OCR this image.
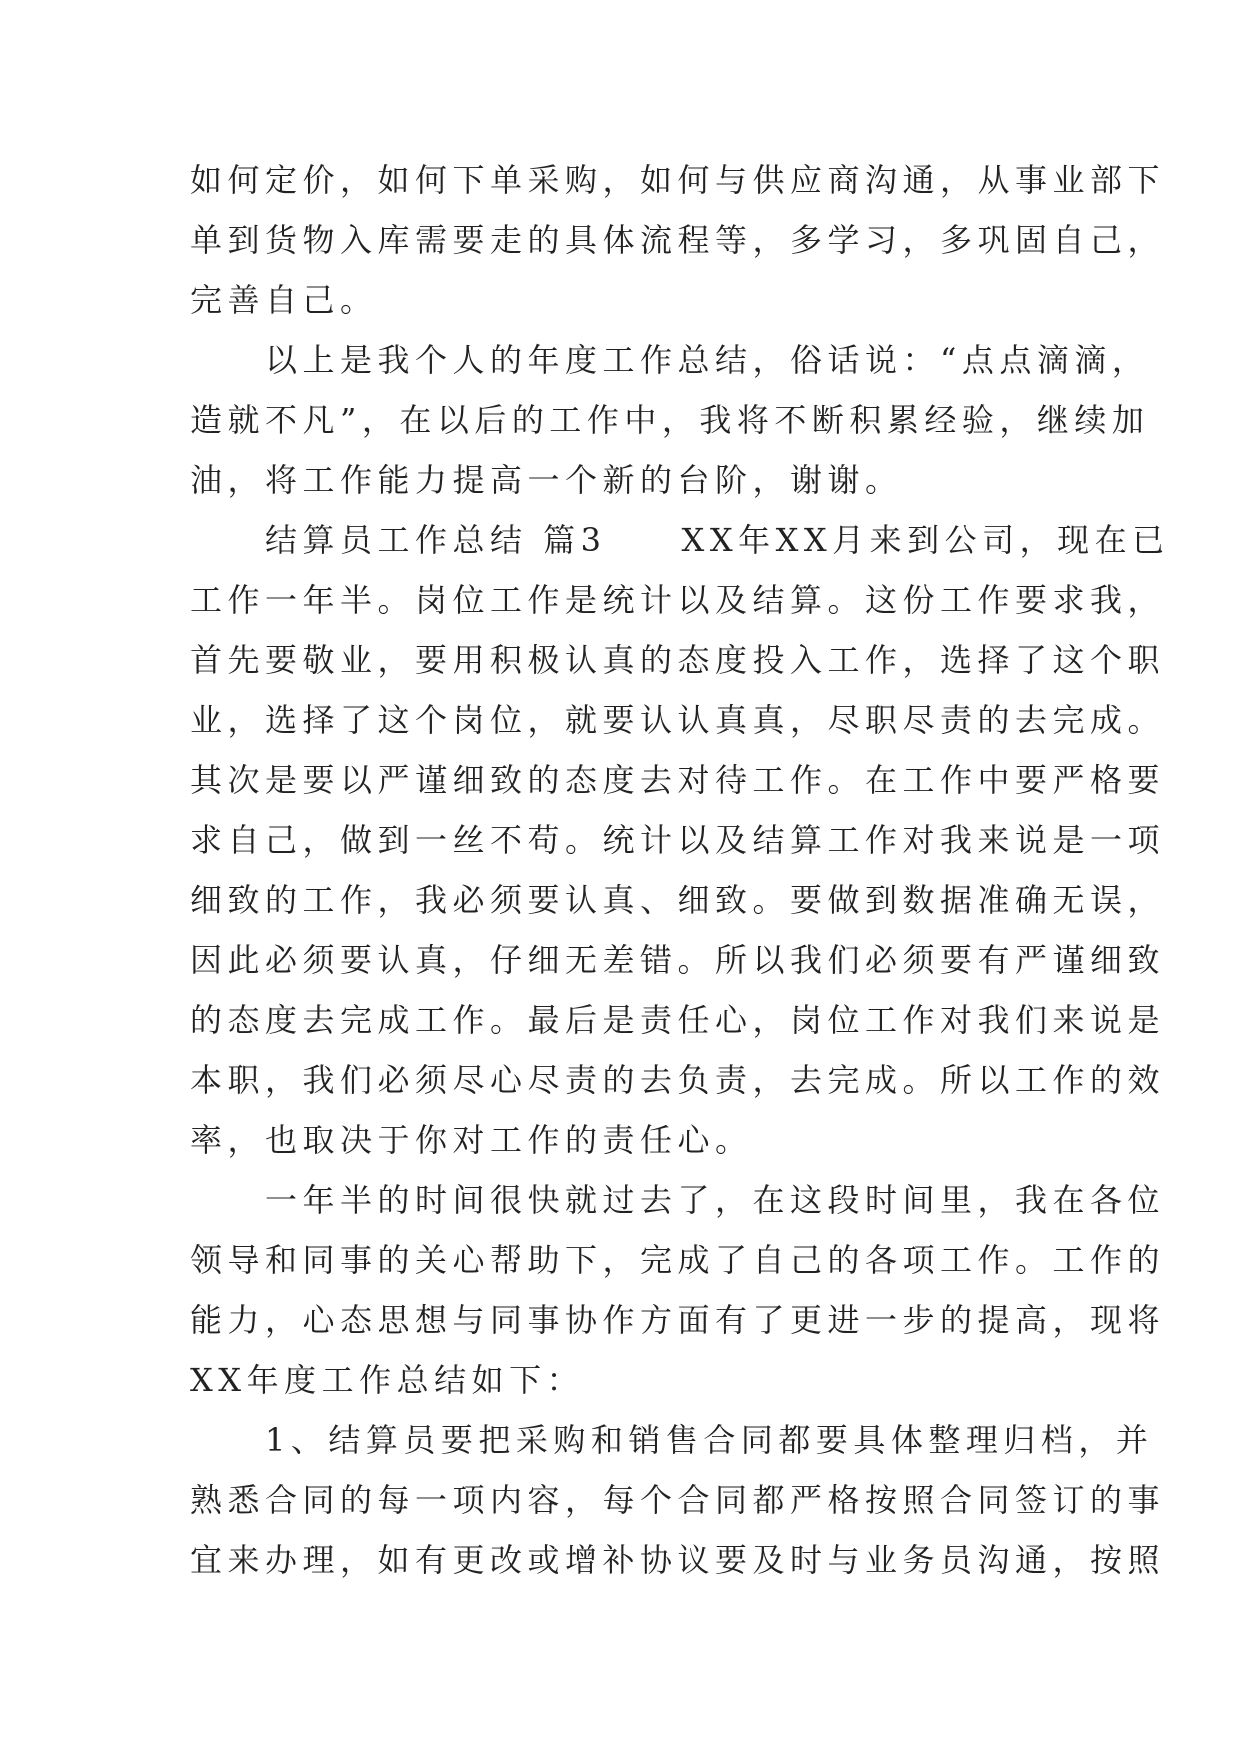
如何定价，如何下单采购，如何与供应商沟通，从事业部下
单到货物入库需要走的具体流程等，多学习，多巩固自己，
完善自己。
　　以上是我个人的年度工作总结，俗话说：“点点滴滴，
造就不凡”，在以后的工作中，我将不断积累经验，继续加
油，将工作能力提高一个新的台阶，谢谢。
　　结算员工作总结 篇3　　XX年XX月来到公司，现在已
工作一年半。岗位工作是统计以及结算。这份工作要求我，
首先要敬业，要用积极认真的态度投入工作，选择了这个职
业，选择了这个岗位，就要认认真真，尽职尽责的去完成。
其次是要以严谨细致的态度去对待工作。在工作中要严格要
求自己，做到一丝不苟。统计以及结算工作对我来说是一项
细致的工作，我必须要认真、细致。要做到数据准确无误，
因此必须要认真，仔细无差错。所以我们必须要有严谨细致
的态度去完成工作。最后是责任心，岗位工作对我们来说是
本职，我们必须尽心尽责的去负责，去完成。所以工作的效
率，也取决于你对工作的责任心。
　　一年半的时间很快就过去了，在这段时间里，我在各位
领导和同事的关心帮助下，完成了自己的各项工作。工作的
能力，心态思想与同事协作方面有了更进一步的提高，现将
XX年度工作总结如下：
　　1、结算员要把采购和销售合同都要具体整理归档，并
熟悉合同的每一项内容，每个合同都严格按照合同签订的事
宜来办理，如有更改或增补协议要及时与业务员沟通，按照
